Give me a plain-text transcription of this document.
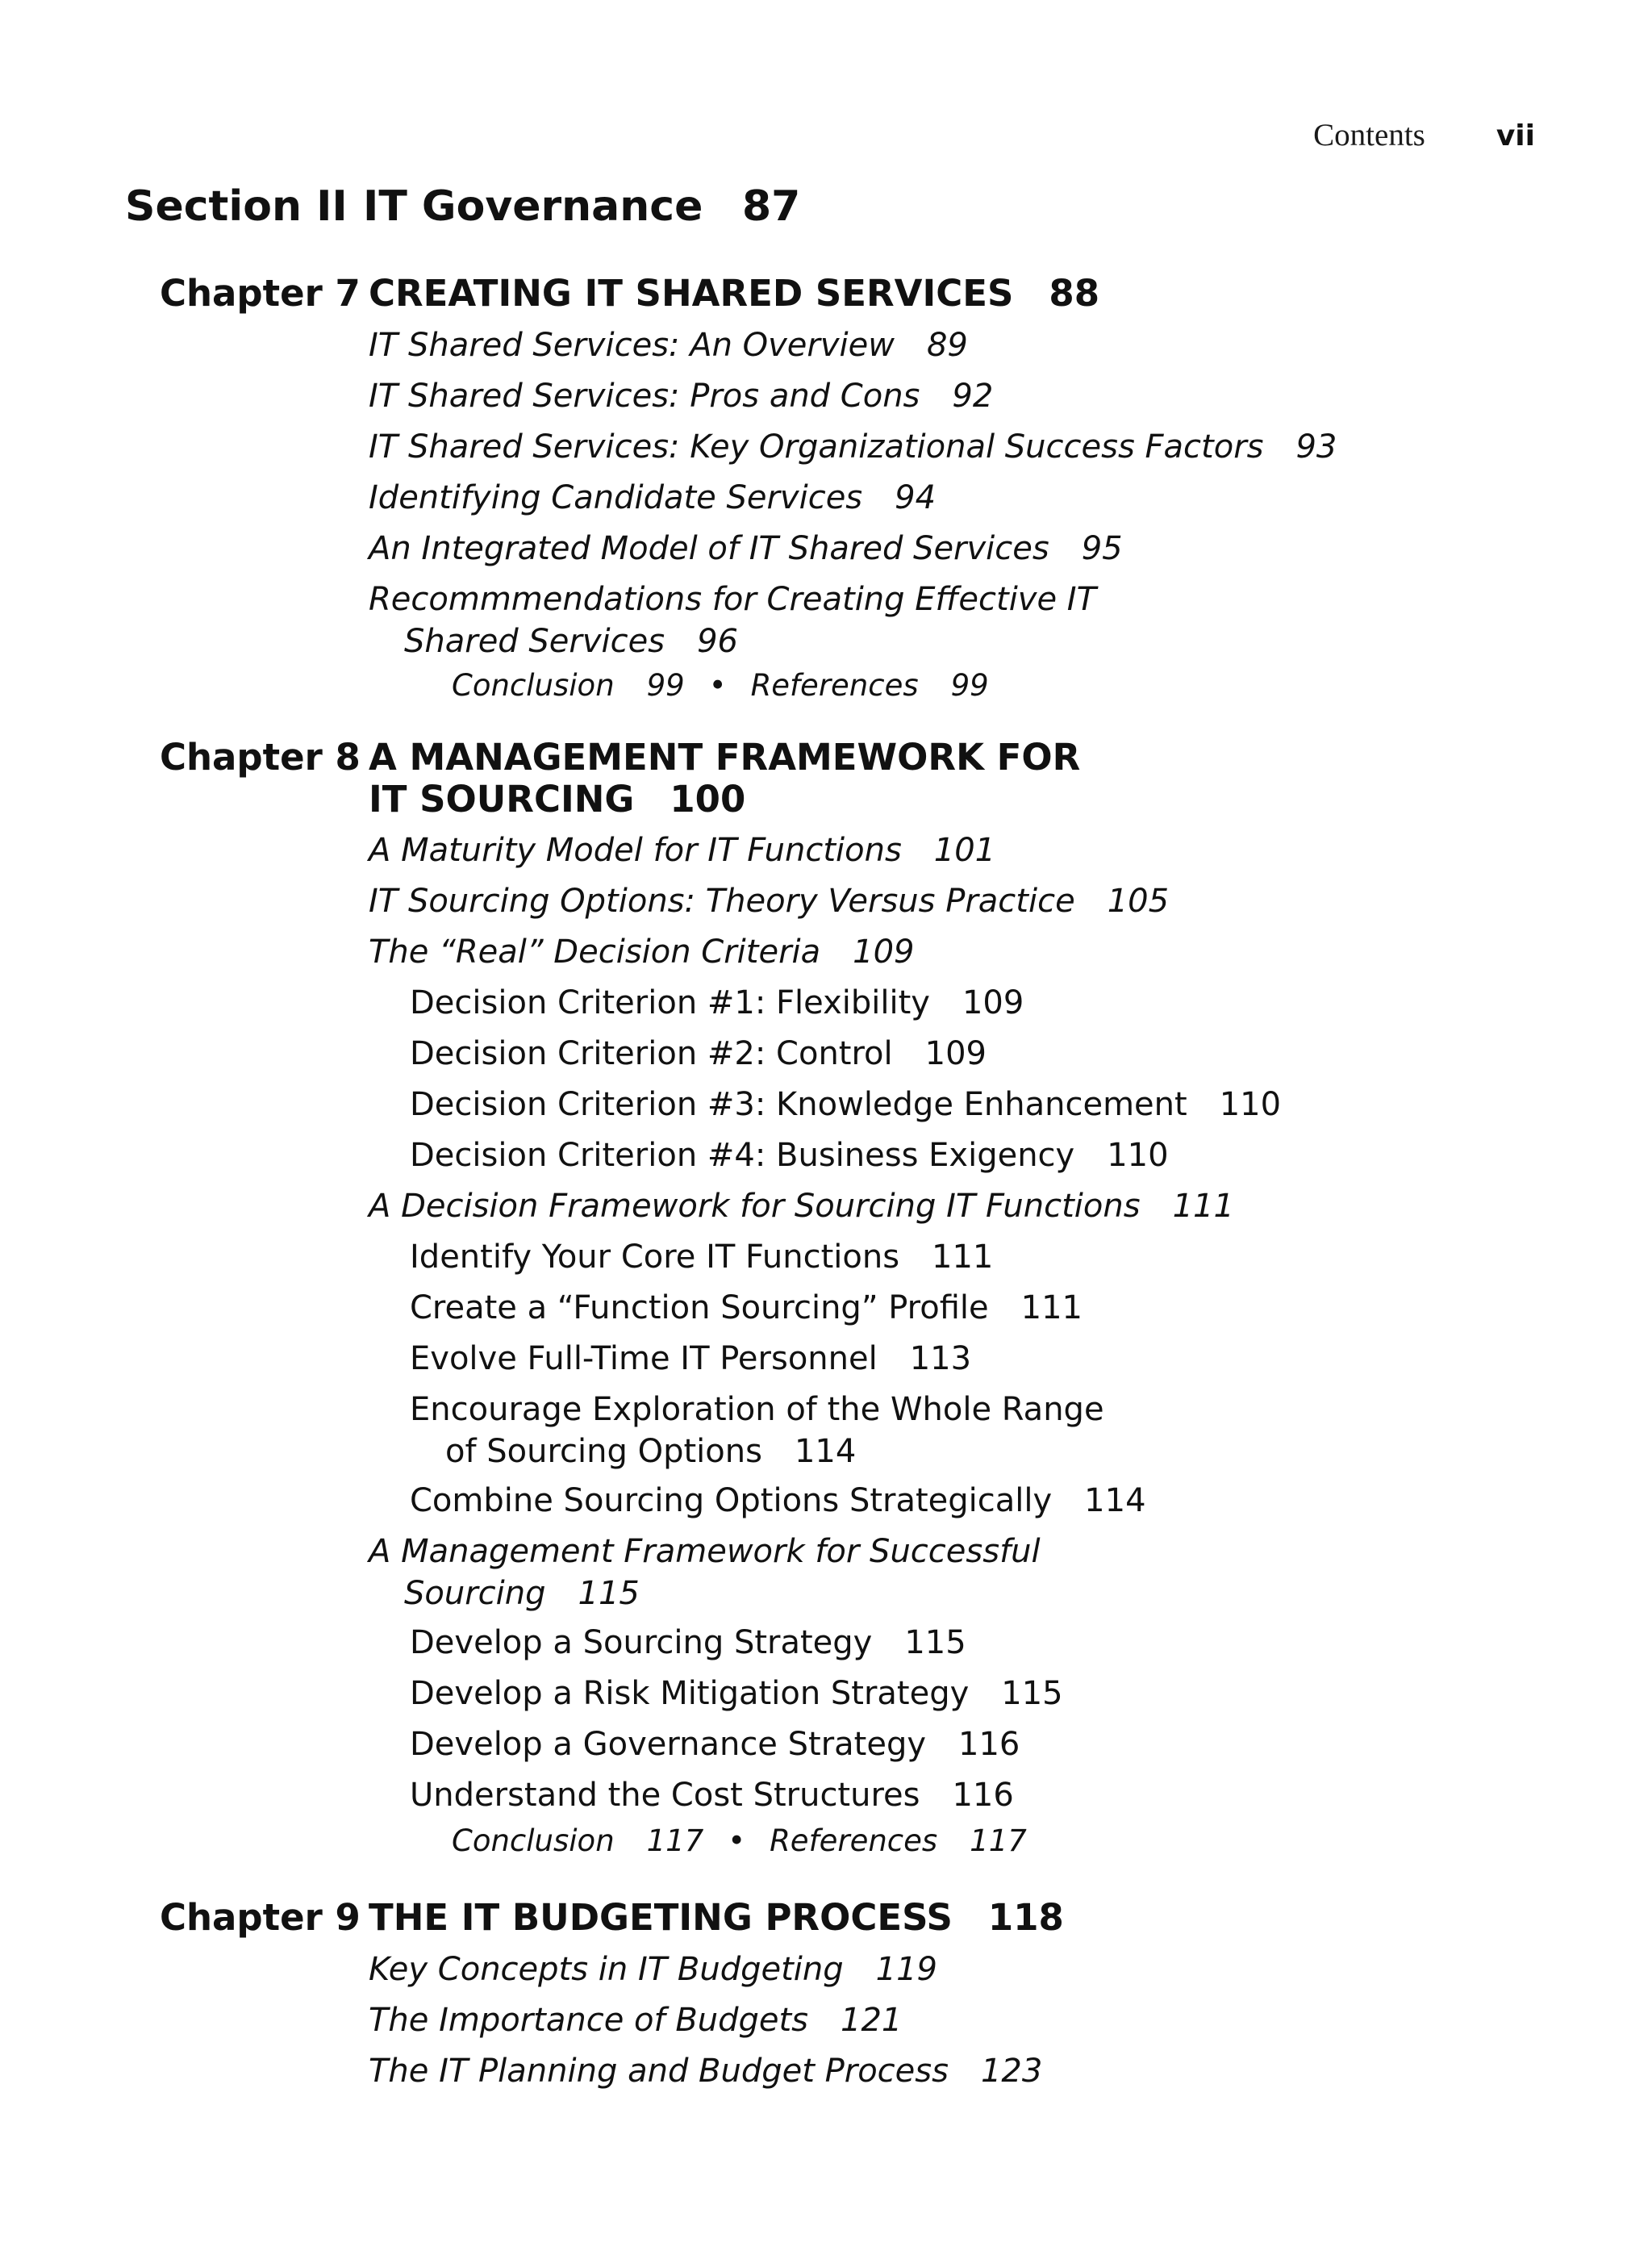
Contents vii
Section II IT Governance 87
Chapter 7 CREATING IT SHARED SERVICES 88
IT Shared Services: An Overview 89
IT Shared Services: Pros and Cons 92
IT Shared Services: Key Organizational Success Factors 93
Identifying Candidate Services 94
An Integrated Model of IT Shared Services 95
Recommmendations for Creating Effective IT
Shared Services 96
Conclusion 99 • References 99
Chapter 8 A MANAGEMENT FRAMEWORK FOR
IT SOURCING 100
A Maturity Model for IT Functions 101
IT Sourcing Options: Theory Versus Practice 105
The “Real” Decision Criteria 109
Decision Criterion #1: Flexibility 109
Decision Criterion #2: Control 109
Decision Criterion #3: Knowledge Enhancement 110
Decision Criterion #4: Business Exigency 110
A Decision Framework for Sourcing IT Functions 111
Identify Your Core IT Functions 111
Create a “Function Sourcing” Profile 111
Evolve Full-Time IT Personnel 113
Encourage Exploration of the Whole Range
of Sourcing Options 114
Combine Sourcing Options Strategically 114
A Management Framework for Successful
Sourcing 115
Develop a Sourcing Strategy 115
Develop a Risk Mitigation Strategy 115
Develop a Governance Strategy 116
Understand the Cost Structures 116
Conclusion 117 • References 117
Chapter 9 THE IT BUDGETING PROCESS 118
Key Concepts in IT Budgeting 119
The Importance of Budgets 121
The IT Planning and Budget Process 123
